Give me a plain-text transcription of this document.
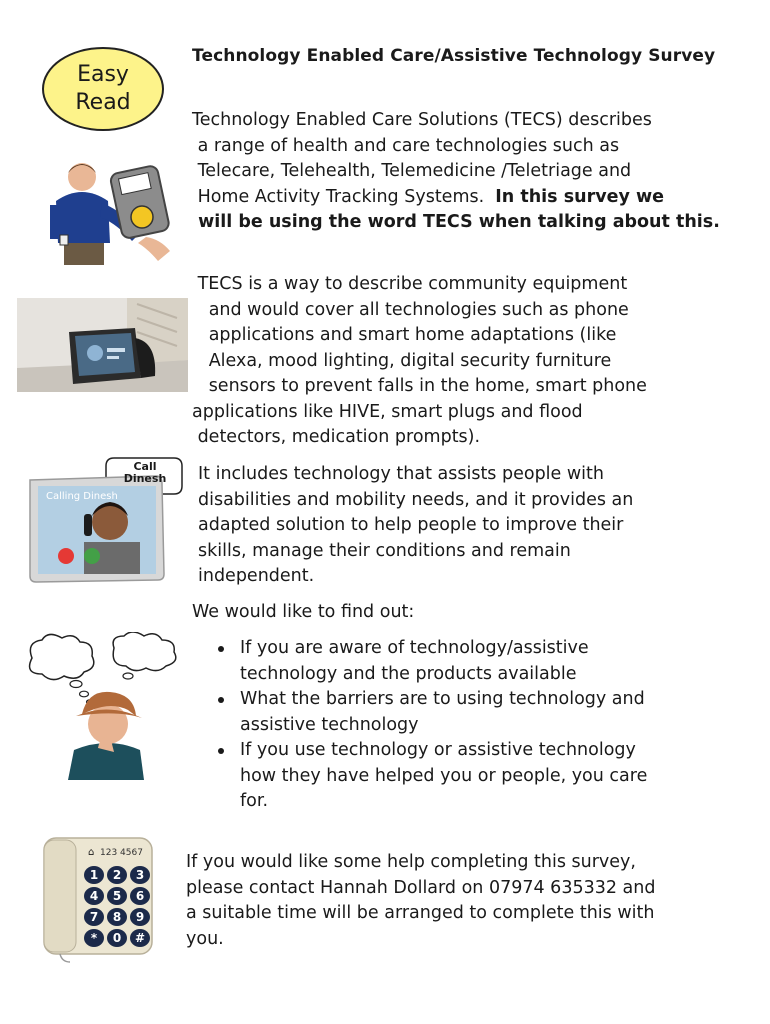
Technology Enabled Care/Assistive Technology Survey
Easy
Read
Call
Dinesh
Calling Dinesh
⌂ 123 4567
1	2	3
4	5	6
7	8	9
*	0	#
Technology Enabled Care Solutions (TECS) describes
a range of health and care technologies such as
Telecare, Telehealth, Telemedicine /Teletriage and
Home Activity Tracking Systems.  In this survey we
will be using the word TECS when talking about this.
TECS is a way to describe community equipment
and would cover all technologies such as phone
applications and smart home adaptations (like
Alexa, mood lighting, digital security furniture
sensors to prevent falls in the home, smart phone
applications like HIVE, smart plugs and flood
detectors, medication prompts).
It includes technology that assists people with
disabilities and mobility needs, and it provides an
adapted solution to help people to improve their
skills, manage their conditions and remain
independent.
We would like to find out:
If you are aware of technology/assistive
technology and the products available
What the barriers are to using technology and
assistive technology
If you use technology or assistive technology
how they have helped you or people, you care
for.
If you would like some help completing this survey,
please contact Hannah Dollard on 07974 635332 and
a suitable time will be arranged to complete this with
you.
